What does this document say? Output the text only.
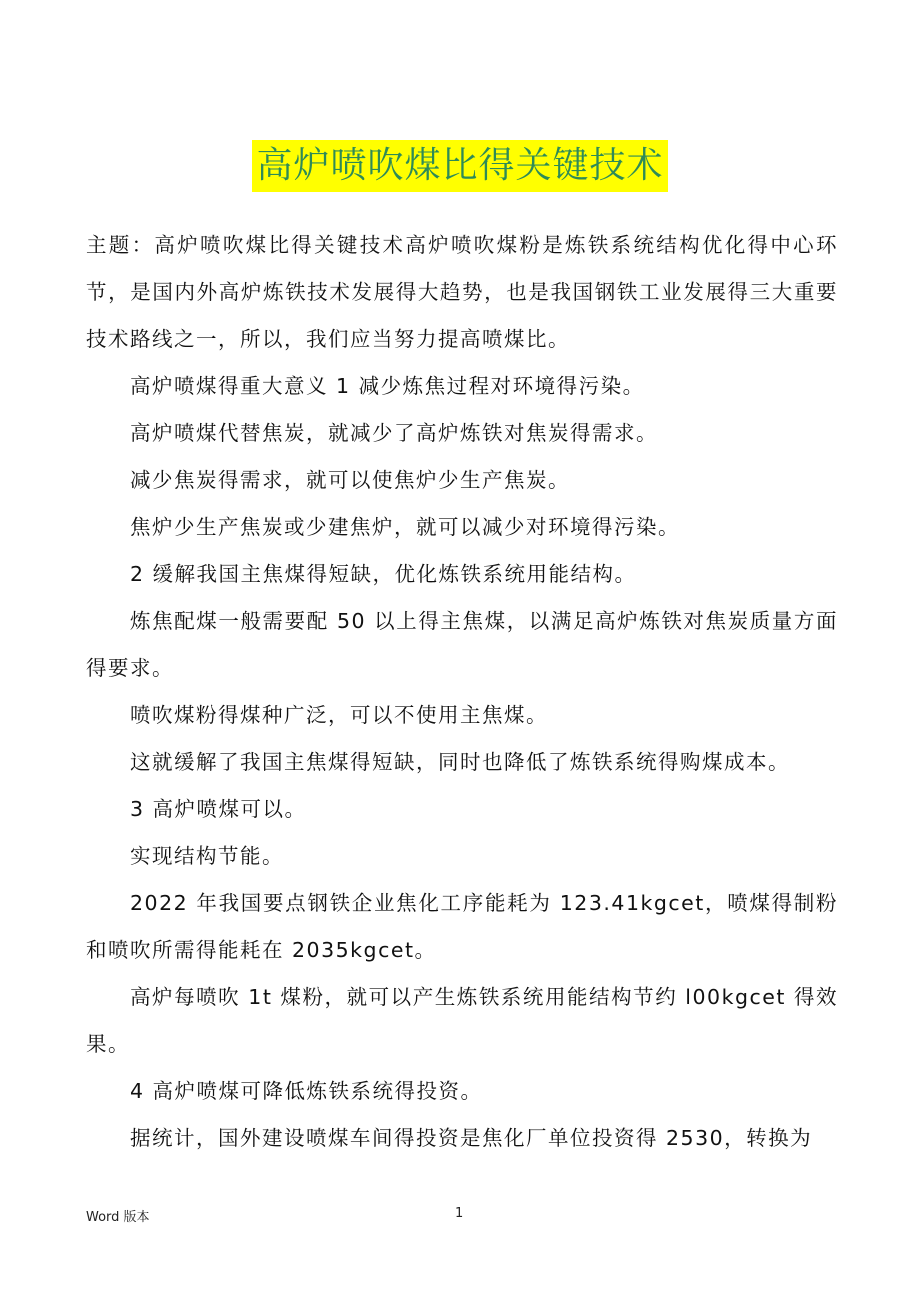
高炉喷吹煤比得关键技术

主题：高炉喷吹煤比得关键技术高炉喷吹煤粉是炼铁系统结构优化得中心环节，是国内外高炉炼铁技术发展得大趋势，也是我国钢铁工业发展得三大重要技术路线之一，所以，我们应当努力提高喷煤比。

高炉喷煤得重大意义 1 减少炼焦过程对环境得污染。

高炉喷煤代替焦炭，就减少了高炉炼铁对焦炭得需求。

减少焦炭得需求，就可以使焦炉少生产焦炭。

焦炉少生产焦炭或少建焦炉，就可以减少对环境得污染。

2 缓解我国主焦煤得短缺，优化炼铁系统用能结构。

炼焦配煤一般需要配 50 以上得主焦煤，以满足高炉炼铁对焦炭质量方面得要求。

喷吹煤粉得煤种广泛，可以不使用主焦煤。

这就缓解了我国主焦煤得短缺，同时也降低了炼铁系统得购煤成本。

3 高炉喷煤可以。

实现结构节能。

2022 年我国要点钢铁企业焦化工序能耗为 123.41kgcet，喷煤得制粉和喷吹所需得能耗在 2035kgcet。

高炉每喷吹 1t 煤粉，就可以产生炼铁系统用能结构节约 l00kgcet 得效果。

4 高炉喷煤可降低炼铁系统得投资。

据统计，国外建设喷煤车间得投资是焦化厂单位投资得 2530，转换为

Word 版本	1
